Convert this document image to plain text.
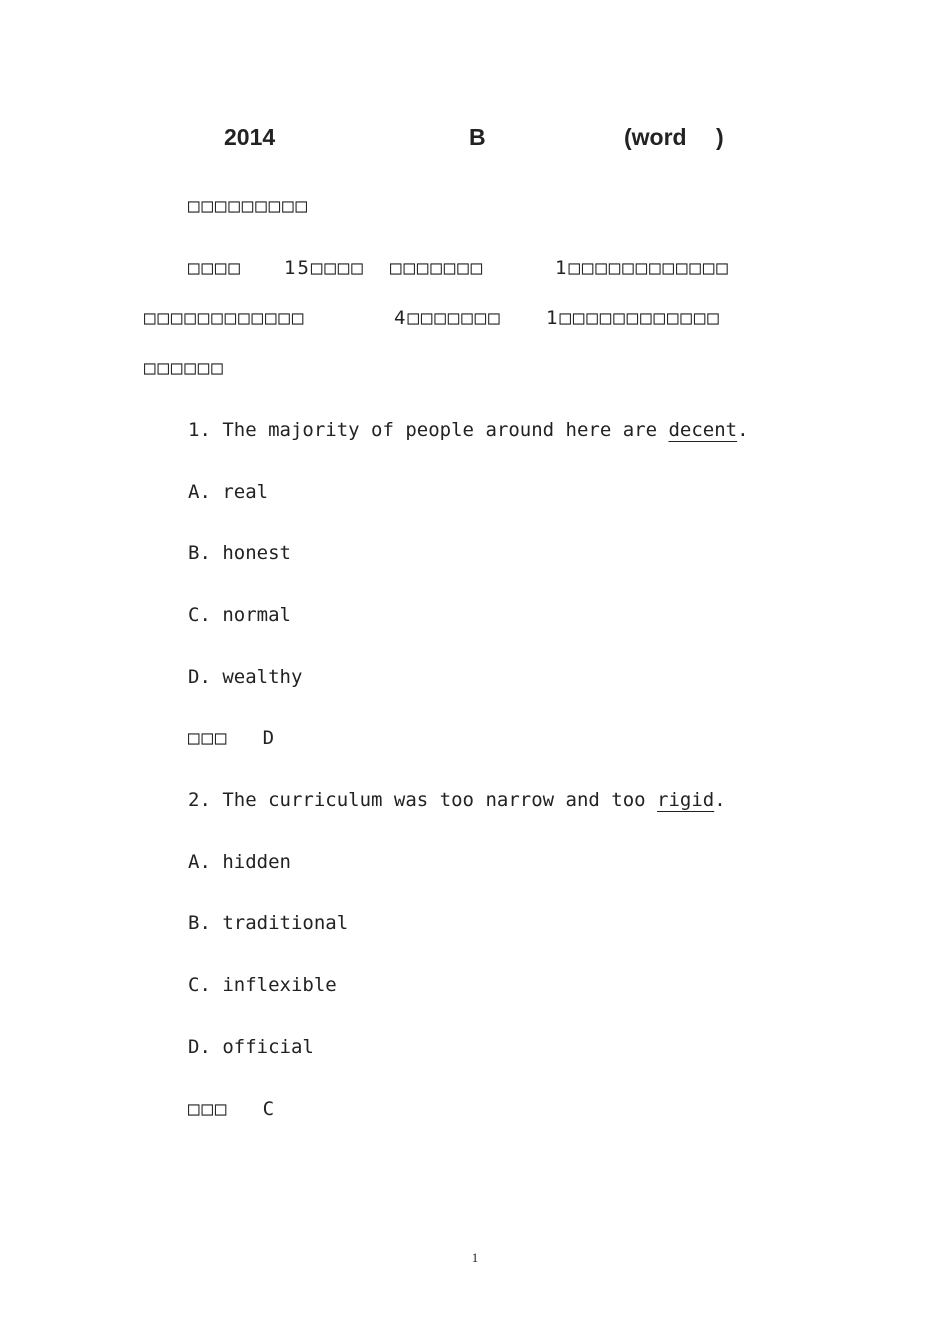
2014	B	(word )
□□□□□□□□□
□□□□ 15□□□□ □□□□□□□	1□□□□□□□□□□□□
□□□□□□□□□□□□	4□□□□□□□ 1□□□□□□□□□□□□
□□□□□□
1. The majority of people around here are decent.
A. real
B. honest
C. normal
D. wealthy
□□□ D
2. The curriculum was too narrow and too rigid.
A. hidden
B. traditional
C. inflexible
D. official
□□□ C
1
